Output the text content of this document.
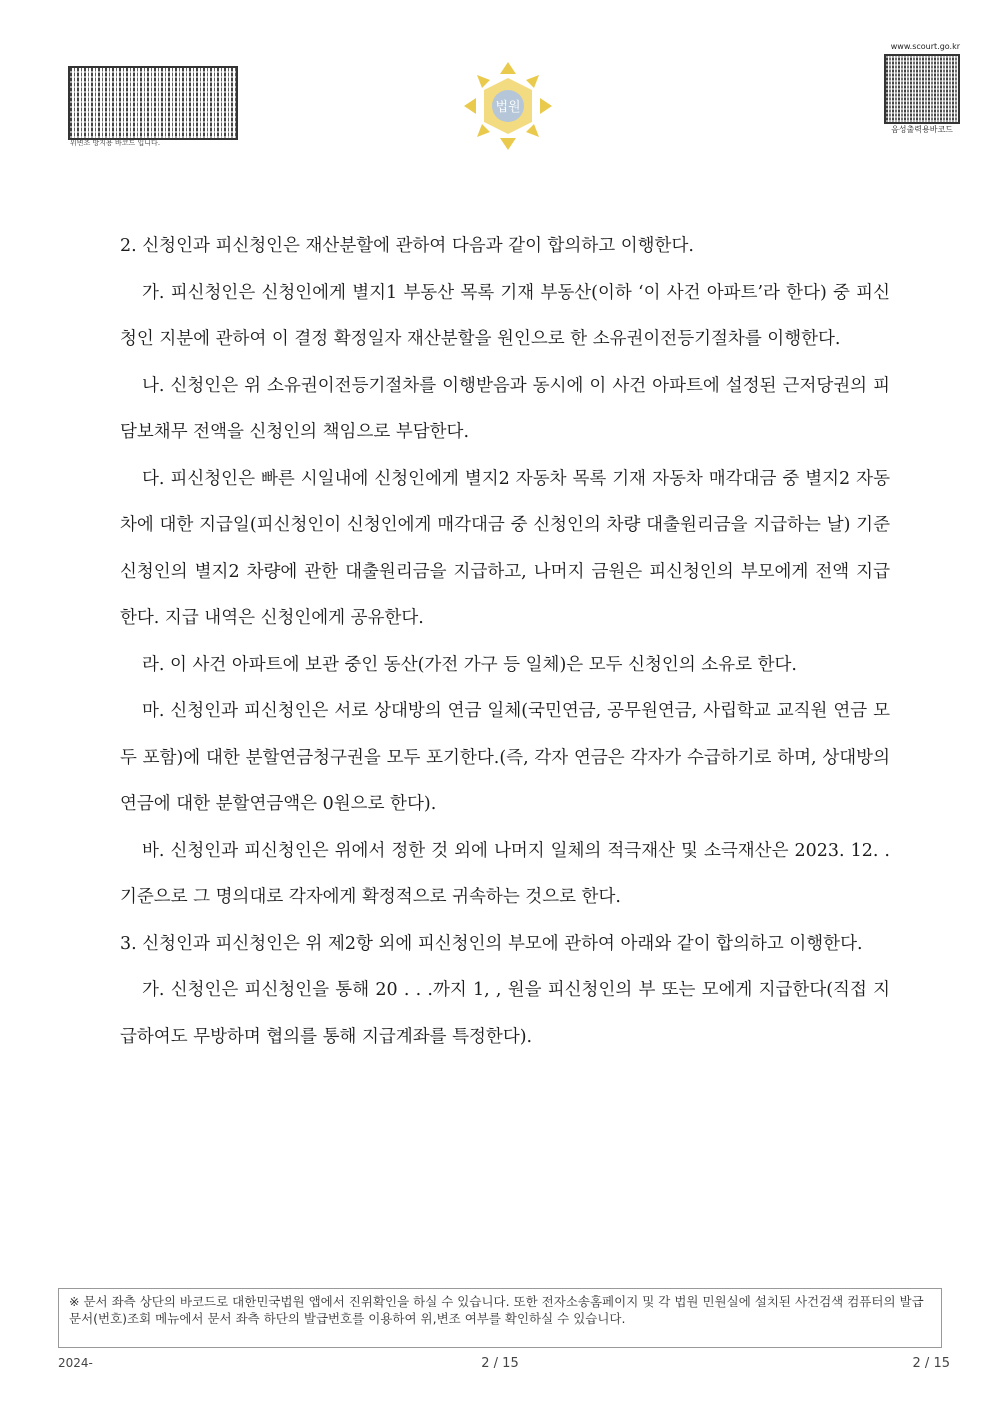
위변조 방지용 바코드 입니다.
법원
www.scourt.go.kr
음성출력용바코드

2. 신청인과 피신청인은 재산분할에 관하여 다음과 같이 합의하고 이행한다.

가. 피신청인은 신청인에게 별지1 부동산 목록 기재 부동산(이하 ‘이 사건 아파트’라 한다) 중 피신청인 지분에 관하여 이 결정 확정일자 재산분할을 원인으로 한 소유권이전등기절차를 이행한다.

나. 신청인은 위 소유권이전등기절차를 이행받음과 동시에 이 사건 아파트에 설정된 근저당권의 피담보채무 전액을 신청인의 책임으로 부담한다.

다. 피신청인은 빠른 시일내에 신청인에게 별지2 자동차 목록 기재 자동차 매각대금 중 별지2 자동차에 대한 지급일(피신청인이 신청인에게 매각대금 중 신청인의 차량 대출원리금을 지급하는 날) 기준 신청인의 별지2 차량에 관한 대출원리금을 지급하고, 나머지 금원은 피신청인의 부모에게 전액 지급한다. 지급 내역은 신청인에게 공유한다.

라. 이 사건 아파트에 보관 중인 동산(가전 가구 등 일체)은 모두 신청인의 소유로 한다.

마. 신청인과 피신청인은 서로 상대방의 연금 일체(국민연금, 공무원연금, 사립학교 교직원 연금 모두 포함)에 대한 분할연금청구권을 모두 포기한다.(즉, 각자 연금은 각자가 수급하기로 하며, 상대방의 연금에 대한 분할연금액은 0원으로 한다).

바. 신청인과 피신청인은 위에서 정한 것 외에 나머지 일체의 적극재산 및 소극재산은 2023. 12. . 기준으로 그 명의대로 각자에게 확정적으로 귀속하는 것으로 한다.

3. 신청인과 피신청인은 위 제2항 외에 피신청인의 부모에 관하여 아래와 같이 합의하고 이행한다.

가. 신청인은 피신청인을 통해 20 . . .까지 1, , 원을 피신청인의 부 또는 모에게 지급한다(직접 지급하여도 무방하며 협의를 통해 지급계좌를 특정한다).

※ 문서 좌측 상단의 바코드로 대한민국법원 앱에서 진위확인을 하실 수 있습니다. 또한 전자소송홈페이지 및 각 법원 민원실에 설치된 사건검색 컴퓨터의 발급문서(번호)조회 메뉴에서 문서 좌측 하단의 발급번호를 이용하여 위,변조 여부를 확인하실 수 있습니다.
2024-	2 / 15	2 / 15
